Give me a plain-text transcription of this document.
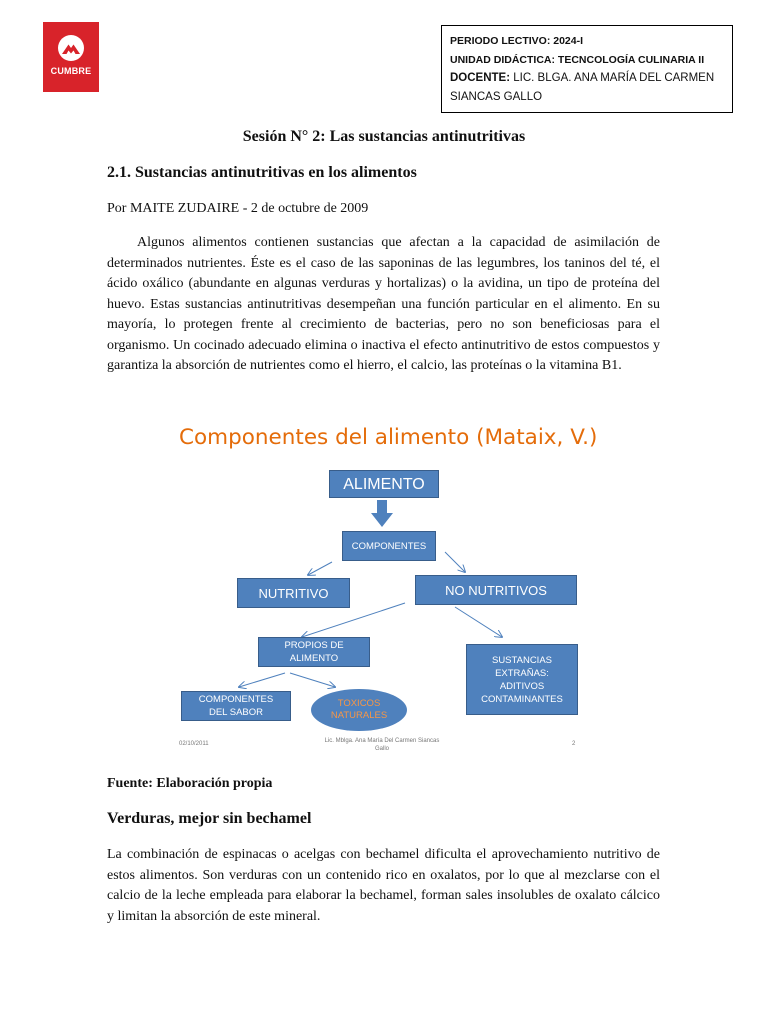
CUMBRE
PERIODO LECTIVO: 2024-I
UNIDAD DIDÁCTICA: TECNCOLOGÍA CULINARIA II
DOCENTE: LIC. BLGA. ANA MARÍA DEL CARMEN
SIANCAS GALLO
Sesión N° 2: Las sustancias antinutritivas
2.1. Sustancias antinutritivas en los alimentos
Por MAITE ZUDAIRE - 2 de octubre de 2009

Algunos alimentos contienen sustancias que afectan a la capacidad de asimilación de determinados nutrientes. Éste es el caso de las saponinas de las legumbres, los taninos del té, el ácido oxálico (abundante en algunas verduras y hortalizas) o la avidina, un tipo de proteína del huevo. Estas sustancias antinutritivas desempeñan una función particular en el alimento. En su mayoría, lo protegen frente al crecimiento de bacterias, pero no son beneficiosas para el organismo. Un cocinado adecuado elimina o inactiva el efecto antinutritivo de estos compuestos y garantiza la absorción de nutrientes como el hierro, el calcio, las proteínas o la vitamina B1.

Componentes del alimento (Mataix, V.)
ALIMENTO
COMPONENTES
NUTRITIVO	NO NUTRITIVOS
PROPIOS DE
ALIMENTO	SUSTANCIAS
EXTRAÑAS:
ADITIVOS
CONTAMINANTES
COMPONENTES
DEL SABOR
TOXICOS
NATURALES
02/10/2011	Lic. Mblga. Ana María Del Carmen Siancas
Gallo
2
Fuente: Elaboración propia
Verduras, mejor sin bechamel

La combinación de espinacas o acelgas con bechamel dificulta el aprovechamiento nutritivo de estos alimentos. Son verduras con un contenido rico en oxalatos, por lo que al mezclarse con el calcio de la leche empleada para elaborar la bechamel, forman sales insolubles de oxalato cálcico y limitan la absorción de este mineral.
